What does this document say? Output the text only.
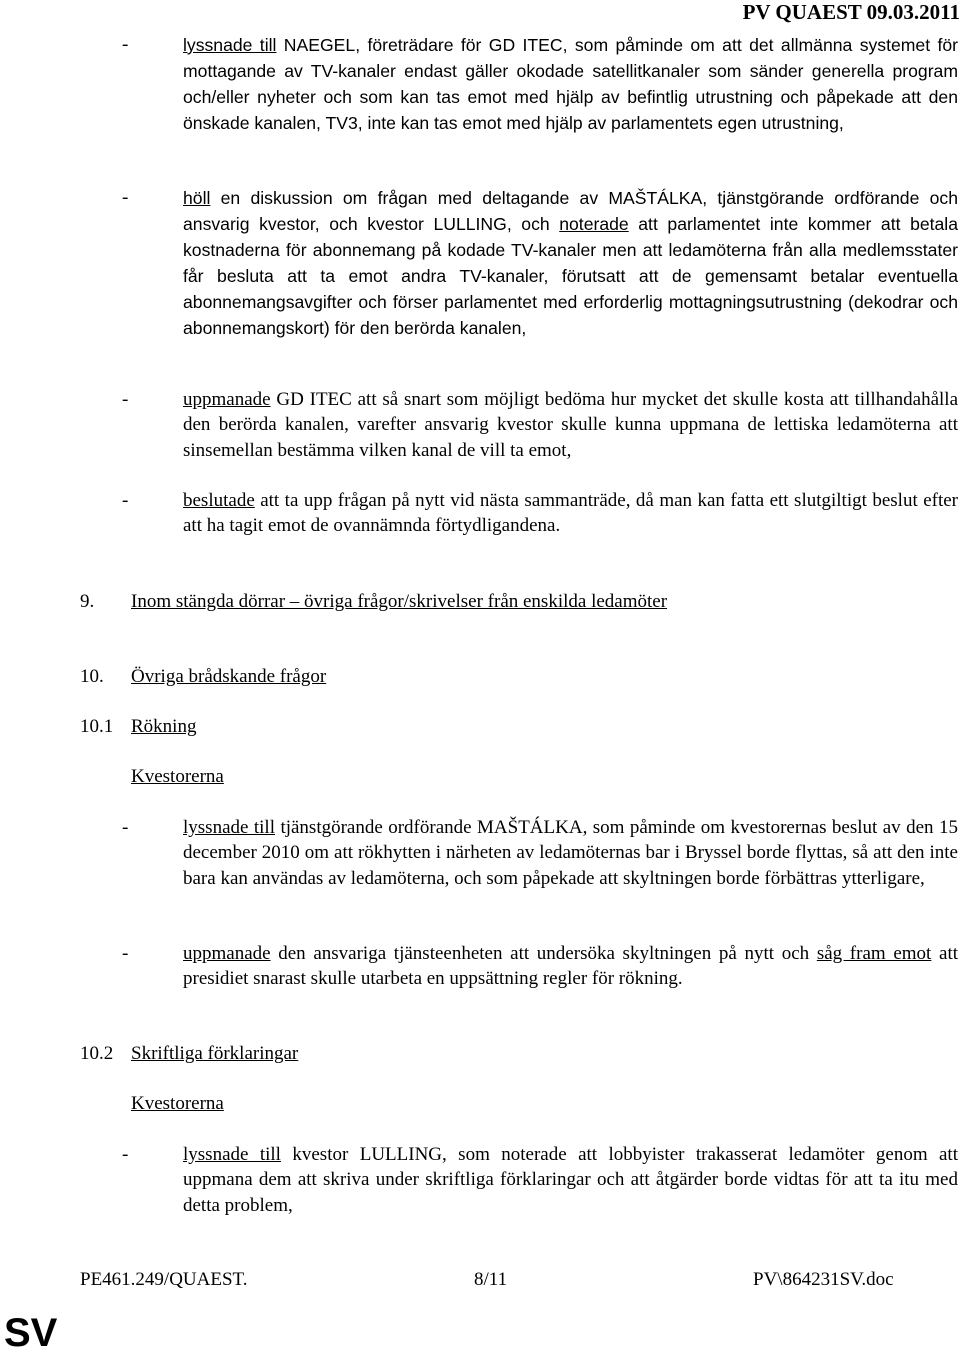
PV QUAEST 09.03.2011
-	lyssnade till NAEGEL, företrädare för GD ITEC, som påminde om att det allmänna systemet för mottagande av TV-kanaler endast gäller okodade satellitkanaler som sänder generella program och/eller nyheter och som kan tas emot med hjälp av befintlig utrustning och påpekade att den önskade kanalen, TV3, inte kan tas emot med hjälp av parlamentets egen utrustning,

-	höll en diskussion om frågan med deltagande av MAŠTÁLKA, tjänstgörande ordförande och ansvarig kvestor, och kvestor LULLING, och noterade att parlamentet inte kommer att betala kostnaderna för abonnemang på kodade TV-kanaler men att ledamöterna från alla medlemsstater får besluta att ta emot andra TV-kanaler, förutsatt att de gemensamt betalar eventuella abonnemangsavgifter och förser parlamentet med erforderlig mottagningsutrustning (dekodrar och abonnemangskort) för den berörda kanalen,

-	uppmanade GD ITEC att så snart som möjligt bedöma hur mycket det skulle kosta att tillhandahålla den berörda kanalen, varefter ansvarig kvestor skulle kunna uppmana de lettiska ledamöterna att sinsemellan bestämma vilken kanal de vill ta emot,

-	beslutade att ta upp frågan på nytt vid nästa sammanträde, då man kan fatta ett slutgiltigt beslut efter att ha tagit emot de ovannämnda förtydligandena.

9. Inom stängda dörrar – övriga frågor/skrivelser från enskilda ledamöter
10. Övriga brådskande frågor
10.1 Rökning
Kvestorerna
-	lyssnade till tjänstgörande ordförande MAŠTÁLKA, som påminde om kvestorernas beslut av den 15 december 2010 om att rökhytten i närheten av ledamöternas bar i Bryssel borde flyttas, så att den inte bara kan användas av ledamöterna, och som påpekade att skyltningen borde förbättras ytterligare,

-	uppmanade den ansvariga tjänsteenheten att undersöka skyltningen på nytt och såg fram emot att presidiet snarast skulle utarbeta en uppsättning regler för rökning.

10.2 Skriftliga förklaringar
Kvestorerna
-	lyssnade till kvestor LULLING, som noterade att lobbyister trakasserat ledamöter genom att uppmana dem att skriva under skriftliga förklaringar och att åtgärder borde vidtas för att ta itu med detta problem,

PE461.249/QUAEST.	8/11	PV\864231SV.doc
SV
